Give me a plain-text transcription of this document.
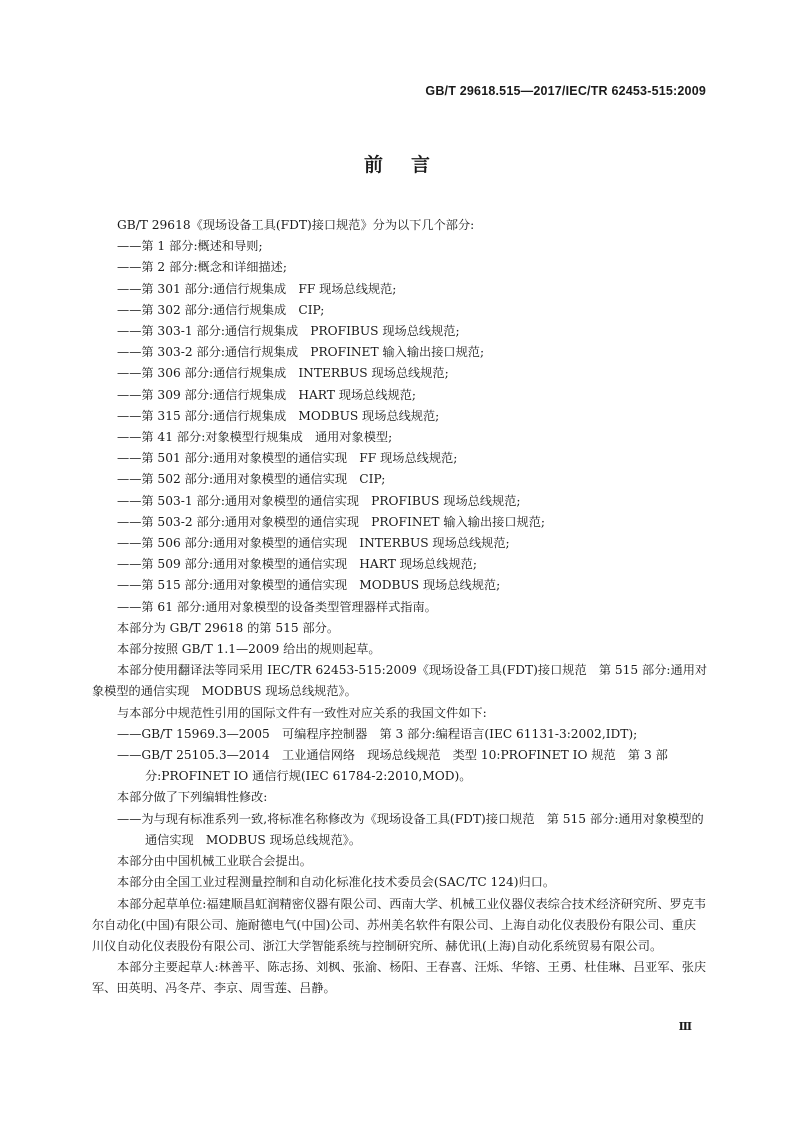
GB/T 29618.515—2017/IEC/TR 62453-515:2009
前言

GB/T 29618《现场设备工具(FDT)接口规范》分为以下几个部分:

——第 1 部分:概述和导则;

——第 2 部分:概念和详细描述;

——第 301 部分:通信行规集成　FF 现场总线规范;

——第 302 部分:通信行规集成　CIP;

——第 303-1 部分:通信行规集成　PROFIBUS 现场总线规范;

——第 303-2 部分:通信行规集成　PROFINET 输入输出接口规范;

——第 306 部分:通信行规集成　INTERBUS 现场总线规范;

——第 309 部分:通信行规集成　HART 现场总线规范;

——第 315 部分:通信行规集成　MODBUS 现场总线规范;

——第 41 部分:对象模型行规集成　通用对象模型;

——第 501 部分:通用对象模型的通信实现　FF 现场总线规范;

——第 502 部分:通用对象模型的通信实现　CIP;

——第 503-1 部分:通用对象模型的通信实现　PROFIBUS 现场总线规范;

——第 503-2 部分:通用对象模型的通信实现　PROFINET 输入输出接口规范;

——第 506 部分:通用对象模型的通信实现　INTERBUS 现场总线规范;

——第 509 部分:通用对象模型的通信实现　HART 现场总线规范;

——第 515 部分:通用对象模型的通信实现　MODBUS 现场总线规范;

——第 61 部分:通用对象模型的设备类型管理器样式指南。

本部分为 GB/T 29618 的第 515 部分。

本部分按照 GB/T 1.1—2009 给出的规则起草。

本部分使用翻译法等同采用 IEC/TR 62453-515:2009《现场设备工具(FDT)接口规范　第 515 部分:通用对象模型的通信实现　MODBUS 现场总线规范》。

与本部分中规范性引用的国际文件有一致性对应关系的我国文件如下:

——GB/T 15969.3—2005　可编程序控制器　第 3 部分:编程语言(IEC 61131-3:2002,IDT);

——GB/T 25105.3—2014　工业通信网络　现场总线规范　类型 10:PROFINET IO 规范　第 3 部分:PROFINET IO 通信行规(IEC 61784-2:2010,MOD)。

本部分做了下列编辑性修改:

——为与现有标准系列一致,将标准名称修改为《现场设备工具(FDT)接口规范　第 515 部分:通用对象模型的通信实现　MODBUS 现场总线规范》。

本部分由中国机械工业联合会提出。

本部分由全国工业过程测量控制和自动化标准化技术委员会(SAC/TC 124)归口。

本部分起草单位:福建顺昌虹润精密仪器有限公司、西南大学、机械工业仪器仪表综合技术经济研究所、罗克韦尔自动化(中国)有限公司、施耐德电气(中国)公司、苏州美名软件有限公司、上海自动化仪表股份有限公司、重庆川仪自动化仪表股份有限公司、浙江大学智能系统与控制研究所、赫优讯(上海)自动化系统贸易有限公司。

本部分主要起草人:林善平、陈志扬、刘枫、张渝、杨阳、王春喜、汪烁、华镕、王勇、杜佳琳、吕亚军、张庆军、田英明、冯冬芹、李京、周雪莲、吕静。

Ⅲ
